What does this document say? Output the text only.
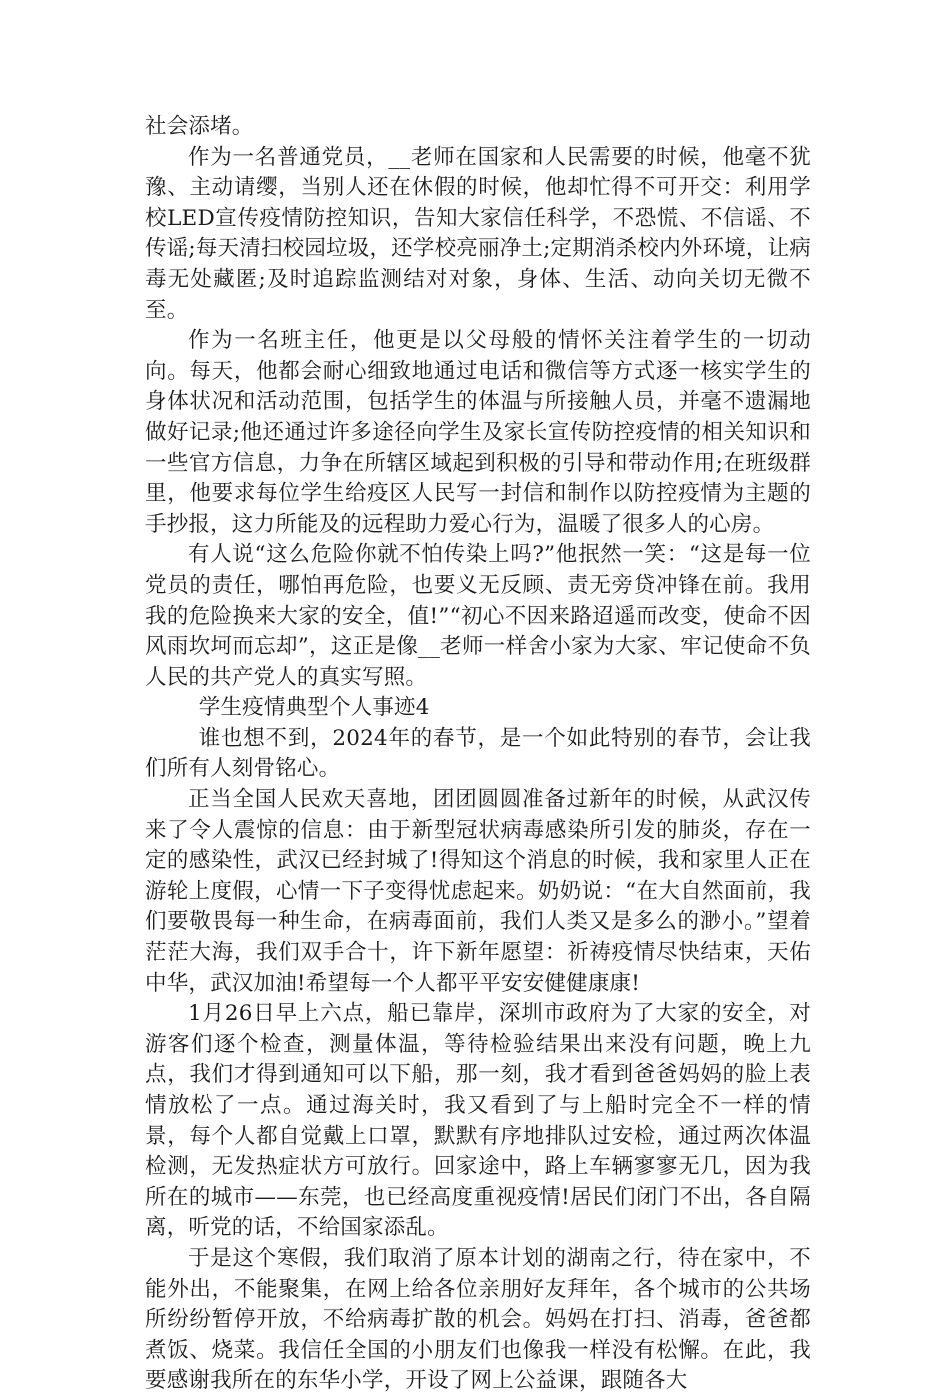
社会添堵。

作为一名普通党员，__老师在国家和人民需要的时候，他毫不犹豫、主动请缨，当别人还在休假的时候，他却忙得不可开交：利用学校LED宣传疫情防控知识，告知大家信任科学，不恐慌、不信谣、不传谣;每天清扫校园垃圾，还学校亮丽净土;定期消杀校内外环境，让病毒无处藏匿;及时追踪监测结对对象，身体、生活、动向关切无微不至。

作为一名班主任，他更是以父母般的情怀关注着学生的一切动向。每天，他都会耐心细致地通过电话和微信等方式逐一核实学生的身体状况和活动范围，包括学生的体温与所接触人员，并毫不遗漏地做好记录;他还通过许多途径向学生及家长宣传防控疫情的相关知识和一些官方信息，力争在所辖区域起到积极的引导和带动作用;在班级群里，他要求每位学生给疫区人民写一封信和制作以防控疫情为主题的手抄报，这力所能及的远程助力爱心行为，温暖了很多人的心房。

有人说“这么危险你就不怕传染上吗?”他抿然一笑：“这是每一位党员的责任，哪怕再危险，也要义无反顾、责无旁贷冲锋在前。我用我的危险换来大家的安全，值!”“初心不因来路迢遥而改变，使命不因风雨坎坷而忘却”，这正是像__老师一样舍小家为大家、牢记使命不负人民的共产党人的真实写照。

学生疫情典型个人事迹4

谁也想不到，2024年的春节，是一个如此特别的春节，会让我们所有人刻骨铭心。

正当全国人民欢天喜地，团团圆圆准备过新年的时候，从武汉传来了令人震惊的信息：由于新型冠状病毒感染所引发的肺炎，存在一定的感染性，武汉已经封城了!得知这个消息的时候，我和家里人正在游轮上度假，心情一下子变得忧虑起来。奶奶说：“在大自然面前，我们要敬畏每一种生命，在病毒面前，我们人类又是多么的渺小。”望着茫茫大海，我们双手合十，许下新年愿望：祈祷疫情尽快结束，天佑中华，武汉加油!希望每一个人都平平安安健健康康!

1月26日早上六点，船已靠岸，深圳市政府为了大家的安全，对游客们逐个检查，测量体温，等待检验结果出来没有问题，晚上九点，我们才得到通知可以下船，那一刻，我才看到爸爸妈妈的脸上表情放松了一点。通过海关时，我又看到了与上船时完全不一样的情景，每个人都自觉戴上口罩，默默有序地排队过安检，通过两次体温检测，无发热症状方可放行。回家途中，路上车辆寥寥无几，因为我所在的城市——东莞，也已经高度重视疫情!居民们闭门不出，各自隔离，听党的话，不给国家添乱。

于是这个寒假，我们取消了原本计划的湖南之行，待在家中，不能外出，不能聚集，在网上给各位亲朋好友拜年，各个城市的公共场所纷纷暂停开放，不给病毒扩散的机会。妈妈在打扫、消毒，爸爸都煮饭、烧菜。我信任全国的小朋友们也像我一样没有松懈。在此，我要感谢我所在的东华小学，开设了网上公益课，跟随各大
